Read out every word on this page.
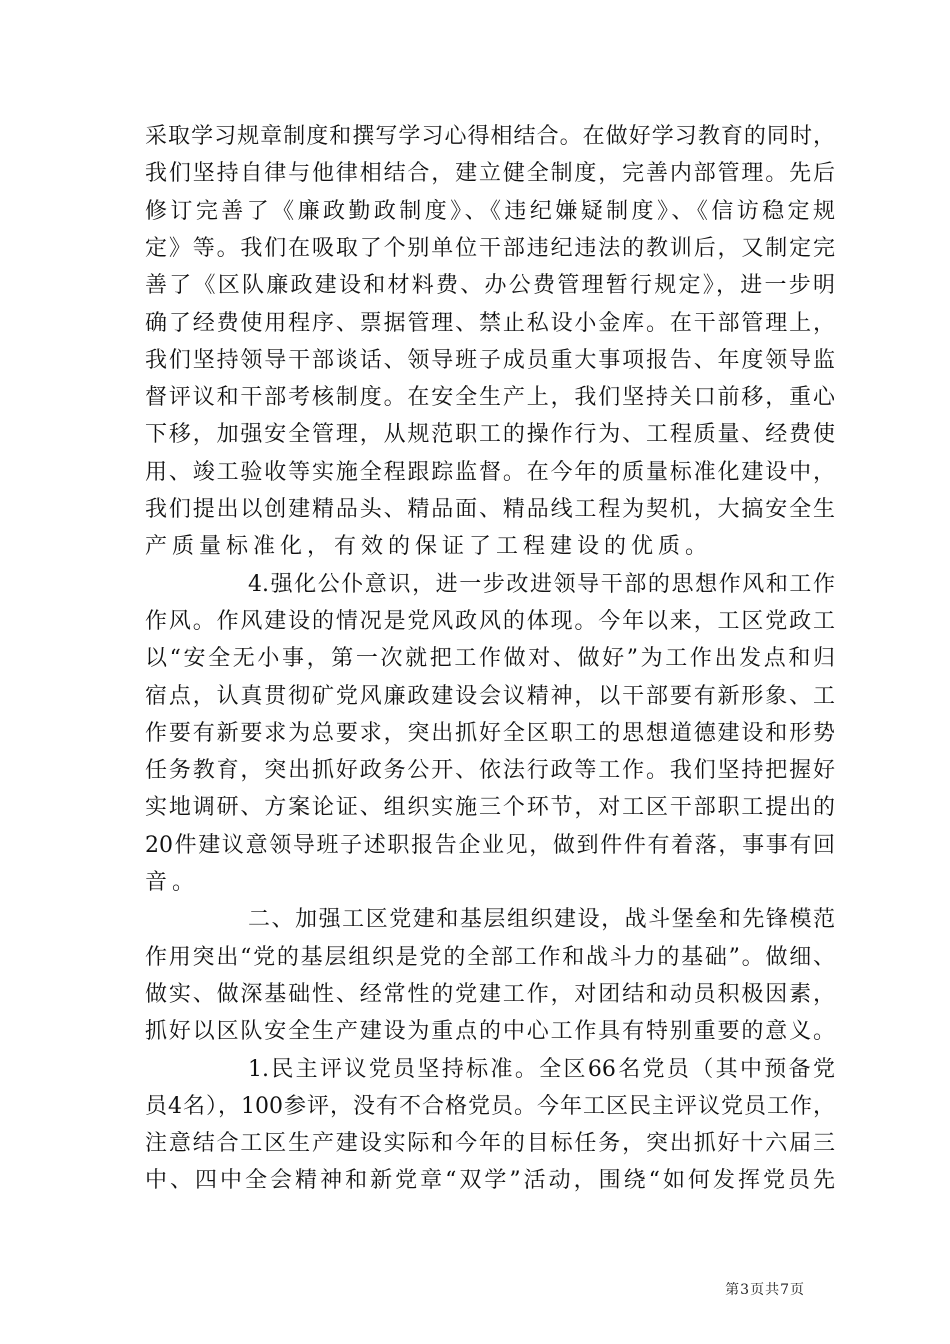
第3页共7页
采取学习规章制度和撰写学习心得相结合。在做好学习教育的同时，
我们坚持自律与他律相结合，建立健全制度，完善内部管理。先后
修订完善了《廉政勤政制度》、《违纪嫌疑制度》、《信访稳定规
定》等。我们在吸取了个别单位干部违纪违法的教训后，又制定完
善了《区队廉政建设和材料费、办公费管理暂行规定》，进一步明
确了经费使用程序、票据管理、禁止私设小金库。在干部管理上，
我们坚持领导干部谈话、领导班子成员重大事项报告、年度领导监
督评议和干部考核制度。在安全生产上，我们坚持关口前移，重心
下移，加强安全管理，从规范职工的操作行为、工程质量、经费使
用、竣工验收等实施全程跟踪监督。在今年的质量标准化建设中，
我们提出以创建精品头、精品面、精品线工程为契机，大搞安全生
产质量标准化，有效的保证了工程建设的优质。
4.强化公仆意识，进一步改进领导干部的思想作风和工作
作风。作风建设的情况是党风政风的体现。今年以来，工区党政工
以“安全无小事，第一次就把工作做对、做好”为工作出发点和归
宿点，认真贯彻矿党风廉政建设会议精神，以干部要有新形象、工
作要有新要求为总要求，突出抓好全区职工的思想道德建设和形势
任务教育，突出抓好政务公开、依法行政等工作。我们坚持把握好
实地调研、方案论证、组织实施三个环节，对工区干部职工提出的
20件建议意领导班子述职报告企业见，做到件件有着落，事事有回
音。
二、加强工区党建和基层组织建设，战斗堡垒和先锋模范
作用突出“党的基层组织是党的全部工作和战斗力的基础”。做细、
做实、做深基础性、经常性的党建工作，对团结和动员积极因素，
抓好以区队安全生产建设为重点的中心工作具有特别重要的意义。
1.民主评议党员坚持标准。全区66名党员（其中预备党
员4名），100参评，没有不合格党员。今年工区民主评议党员工作，
注意结合工区生产建设实际和今年的目标任务，突出抓好十六届三
中、四中全会精神和新党章“双学”活动，围绕“如何发挥党员先
